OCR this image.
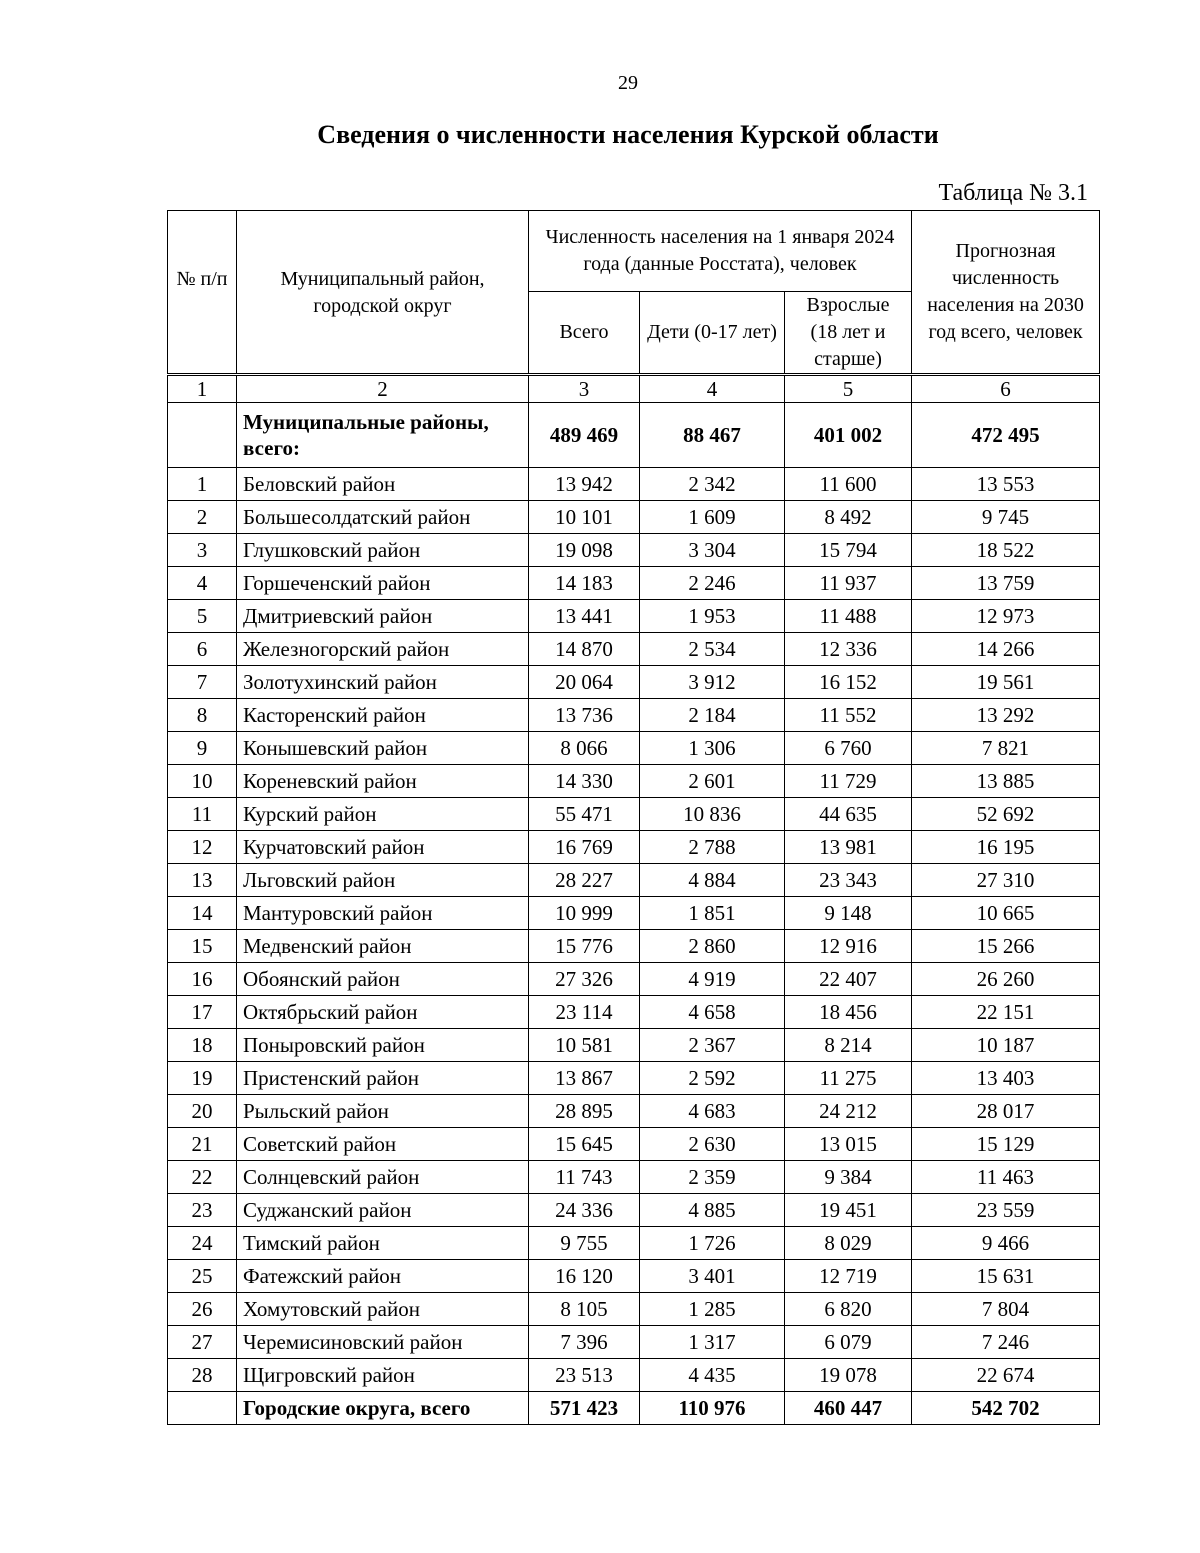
29
Сведения о численности населения Курской области
Таблица № 3.1
№ п/п	Муниципальный район, городской округ	Численность населения на 1 января 2024 года (данные Росстата), человек			Прогнозная численность населения на 2030 год всего, человек
		Всего	Дети (0-17 лет)	Взрослые (18 лет и старше)	
1	2	3	4	5	6
	Муниципальные районы, всего:	489 469	88 467	401 002	472 495
1	Беловский район	13 942	2 342	11 600	13 553
2	Большесолдатский район	10 101	1 609	8 492	9 745
3	Глушковский район	19 098	3 304	15 794	18 522
4	Горшеченский район	14 183	2 246	11 937	13 759
5	Дмитриевский район	13 441	1 953	11 488	12 973
6	Железногорский район	14 870	2 534	12 336	14 266
7	Золотухинский район	20 064	3 912	16 152	19 561
8	Касторенский район	13 736	2 184	11 552	13 292
9	Конышевский район	8 066	1 306	6 760	7 821
10	Кореневский район	14 330	2 601	11 729	13 885
11	Курский район	55 471	10 836	44 635	52 692
12	Курчатовский район	16 769	2 788	13 981	16 195
13	Льговский район	28 227	4 884	23 343	27 310
14	Мантуровский район	10 999	1 851	9 148	10 665
15	Медвенский район	15 776	2 860	12 916	15 266
16	Обоянский район	27 326	4 919	22 407	26 260
17	Октябрьский район	23 114	4 658	18 456	22 151
18	Поныровский район	10 581	2 367	8 214	10 187
19	Пристенский район	13 867	2 592	11 275	13 403
20	Рыльский район	28 895	4 683	24 212	28 017
21	Советский район	15 645	2 630	13 015	15 129
22	Солнцевский район	11 743	2 359	9 384	11 463
23	Суджанский район	24 336	4 885	19 451	23 559
24	Тимский район	9 755	1 726	8 029	9 466
25	Фатежский район	16 120	3 401	12 719	15 631
26	Хомутовский район	8 105	1 285	6 820	7 804
27	Черемисиновский район	7 396	1 317	6 079	7 246
28	Щигровский район	23 513	4 435	19 078	22 674
	Городские округа, всего	571 423	110 976	460 447	542 702
